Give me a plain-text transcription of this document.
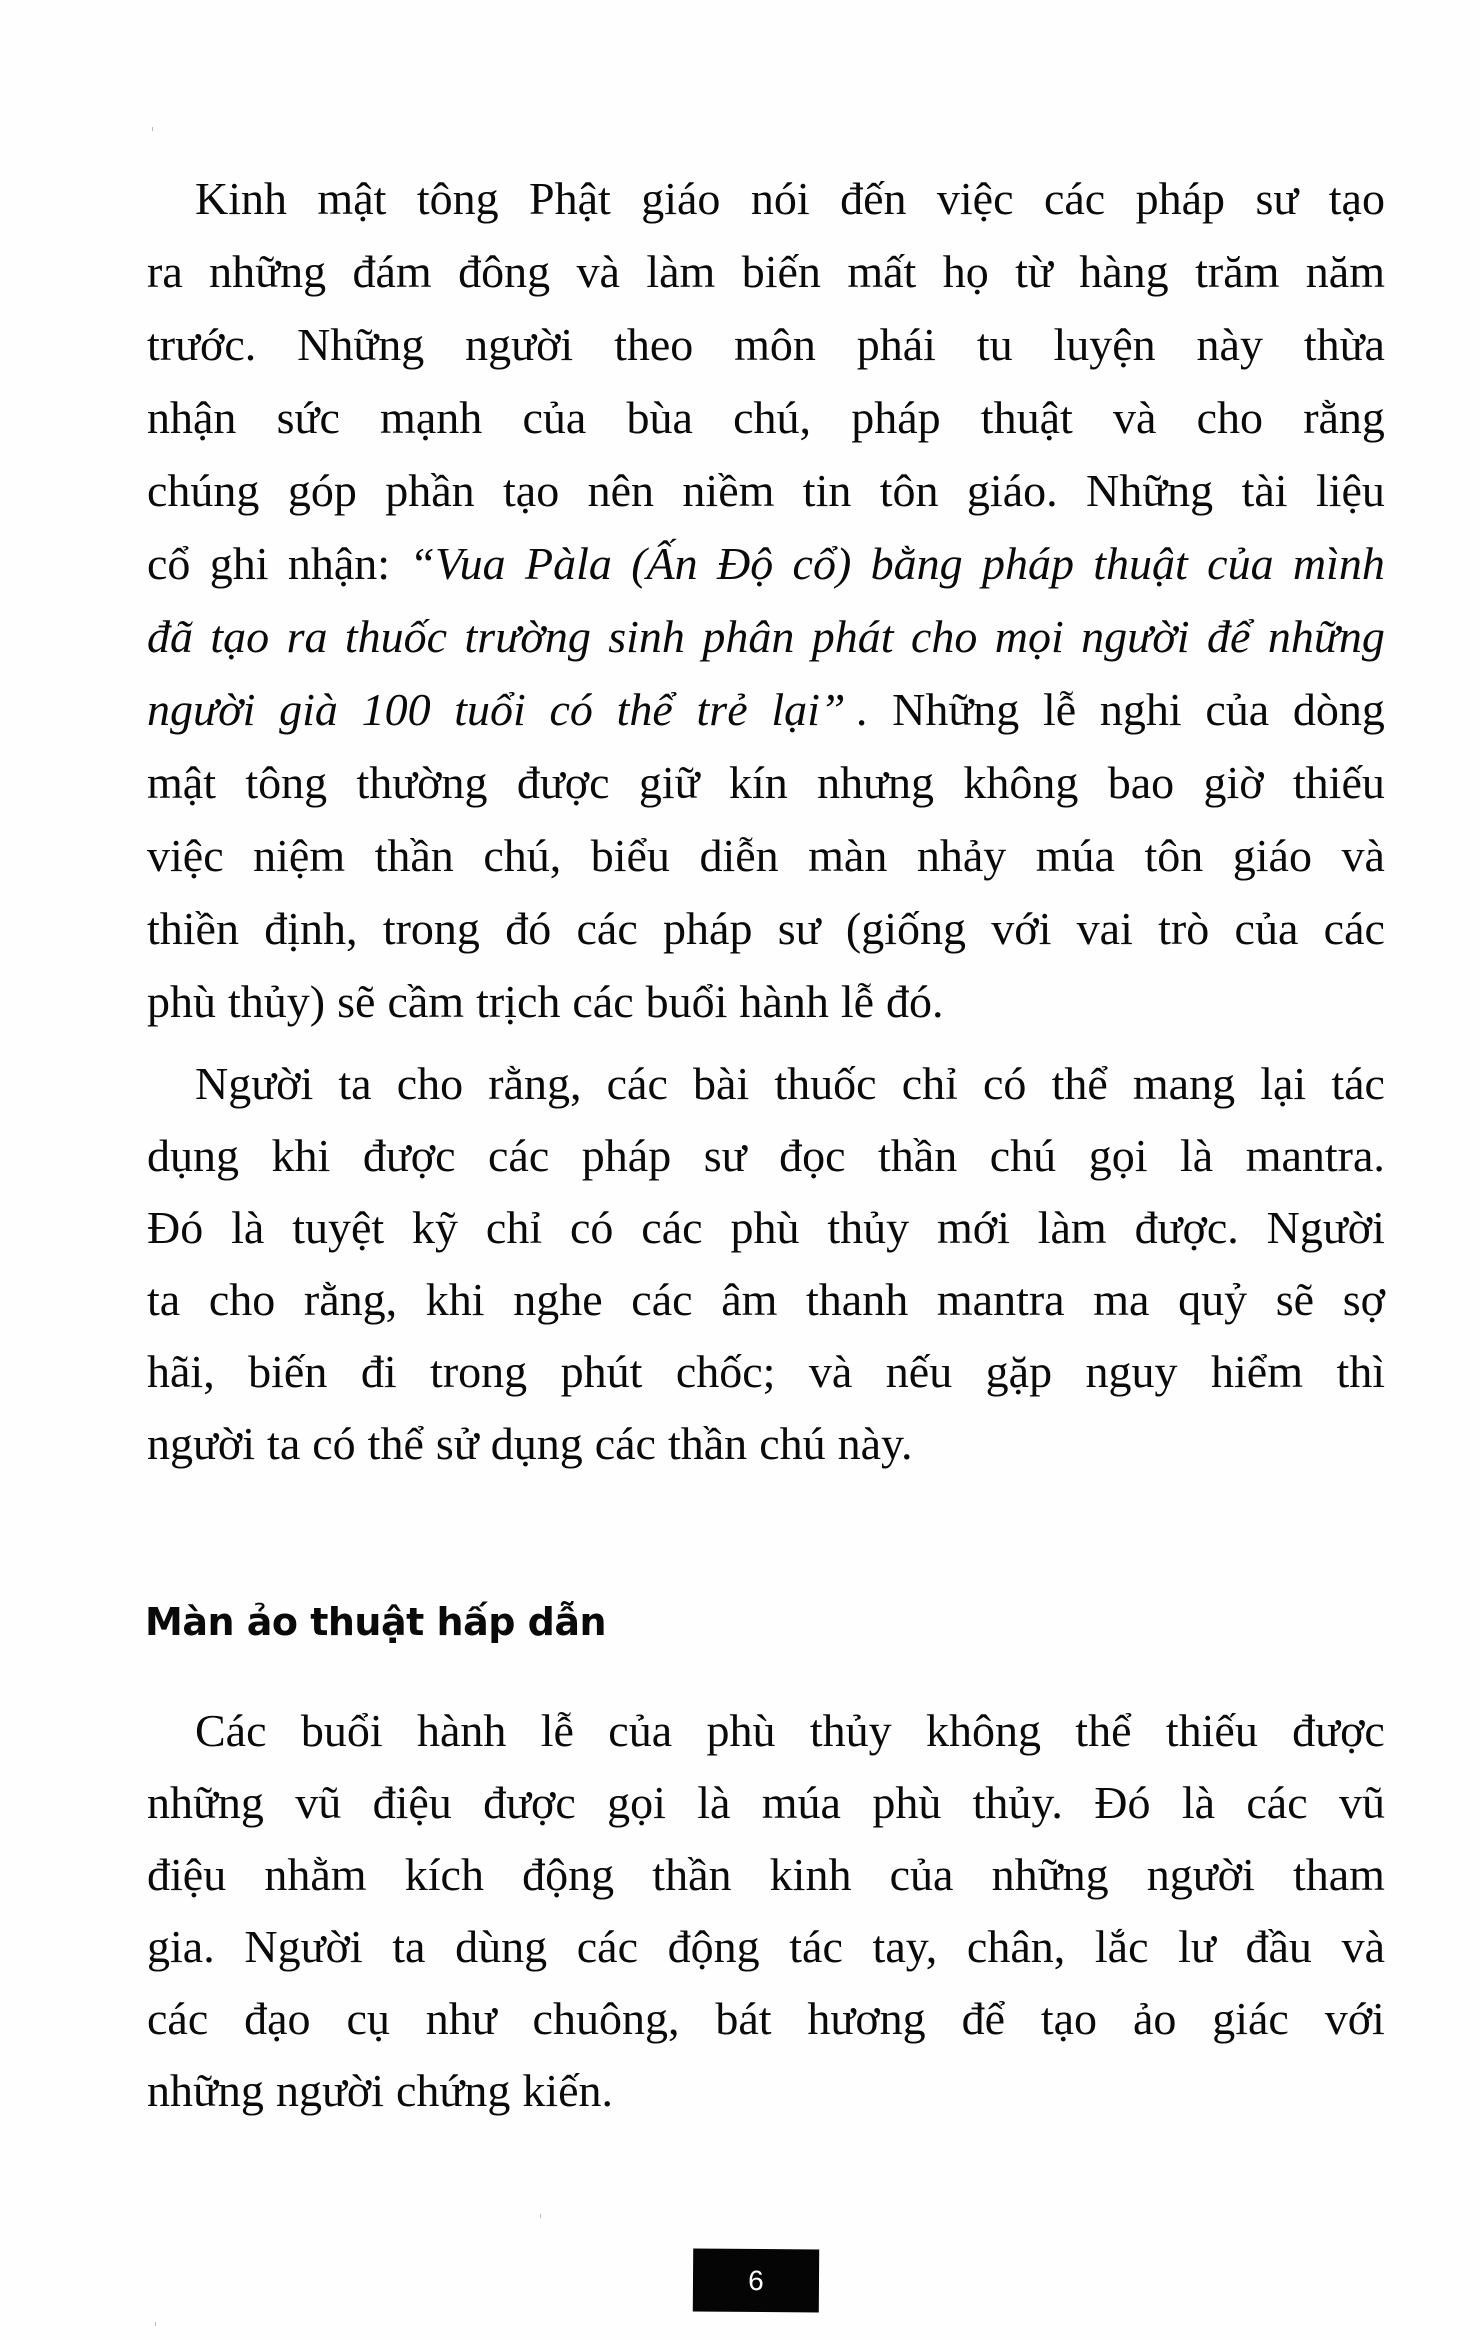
Kinh mật tông Phật giáo nói đến việc các pháp sư tạo
ra những đám đông và làm biến mất họ từ hàng trăm năm
trước. Những người theo môn phái tu luyện này thừa
nhận sức mạnh của bùa chú, pháp thuật và cho rằng
chúng góp phần tạo nên niềm tin tôn giáo. Những tài liệu
cổ ghi nhận: “Vua Pàla (Ấn Độ cổ) bằng pháp thuật của mình
đã tạo ra thuốc trường sinh phân phát cho mọi người để những
người già 100 tuổi có thể trẻ lại” . Những lễ nghi của dòng
mật tông thường được giữ kín nhưng không bao giờ thiếu
việc niệm thần chú, biểu diễn màn nhảy múa tôn giáo và
thiền định, trong đó các pháp sư (giống với vai trò của các
phù thủy) sẽ cầm trịch các buổi hành lễ đó.
Người ta cho rằng, các bài thuốc chỉ có thể mang lại tác
dụng khi được các pháp sư đọc thần chú gọi là mantra.
Đó là tuyệt kỹ chỉ có các phù thủy mới làm được. Người
ta cho rằng, khi nghe các âm thanh mantra ma quỷ sẽ sợ
hãi, biến đi trong phút chốc; và nếu gặp nguy hiểm thì
người ta có thể sử dụng các thần chú này.
Các buổi hành lễ của phù thủy không thể thiếu được
những vũ điệu được gọi là múa phù thủy. Đó là các vũ
điệu nhằm kích động thần kinh của những người tham
gia. Người ta dùng các động tác tay, chân, lắc lư đầu và
các đạo cụ như chuông, bát hương để tạo ảo giác với
những người chứng kiến.
Màn ảo thuật hấp dẫn
6
